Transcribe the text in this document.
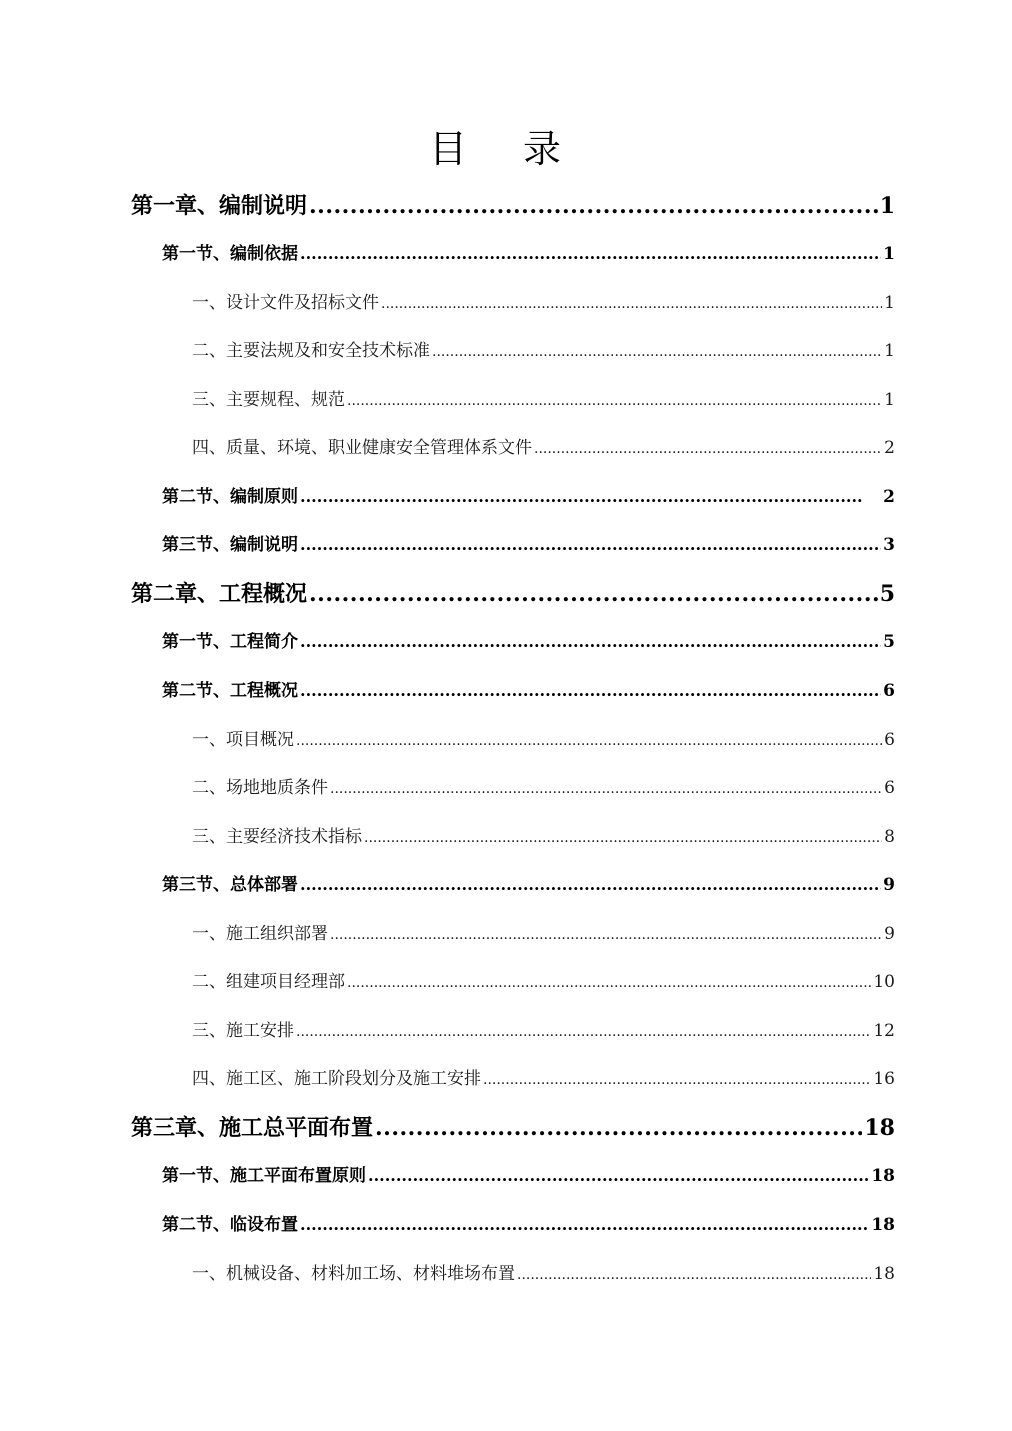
目 录
第一章、编制说明 .....	1
第一节、编制依据 .....	1
一、设计文件及招标文件 .....	1
二、主要法规及和安全技术标准 .....	1
三、主要规程、规范 .....	1
四、质量、环境、职业健康安全管理体系文件 .....	2
第二节、编制原则 .....	2
第三节、编制说明 .....	3
第二章、工程概况 .....	5
第一节、工程简介 .....	5
第二节、工程概况 .....	6
一、项目概况 .....	6
二、场地地质条件 .....	6
三、主要经济技术指标 .....	8
第三节、总体部署 .....	9
一、施工组织部署 .....	9
二、组建项目经理部 .....	10
三、施工安排 .....	12
四、施工区、施工阶段划分及施工安排 .....	16
第三章、施工总平面布置 .....	18
第一节、施工平面布置原则 .....	18
第二节、临设布置 .....	18
一、机械设备、材料加工场、材料堆场布置 .....	18
